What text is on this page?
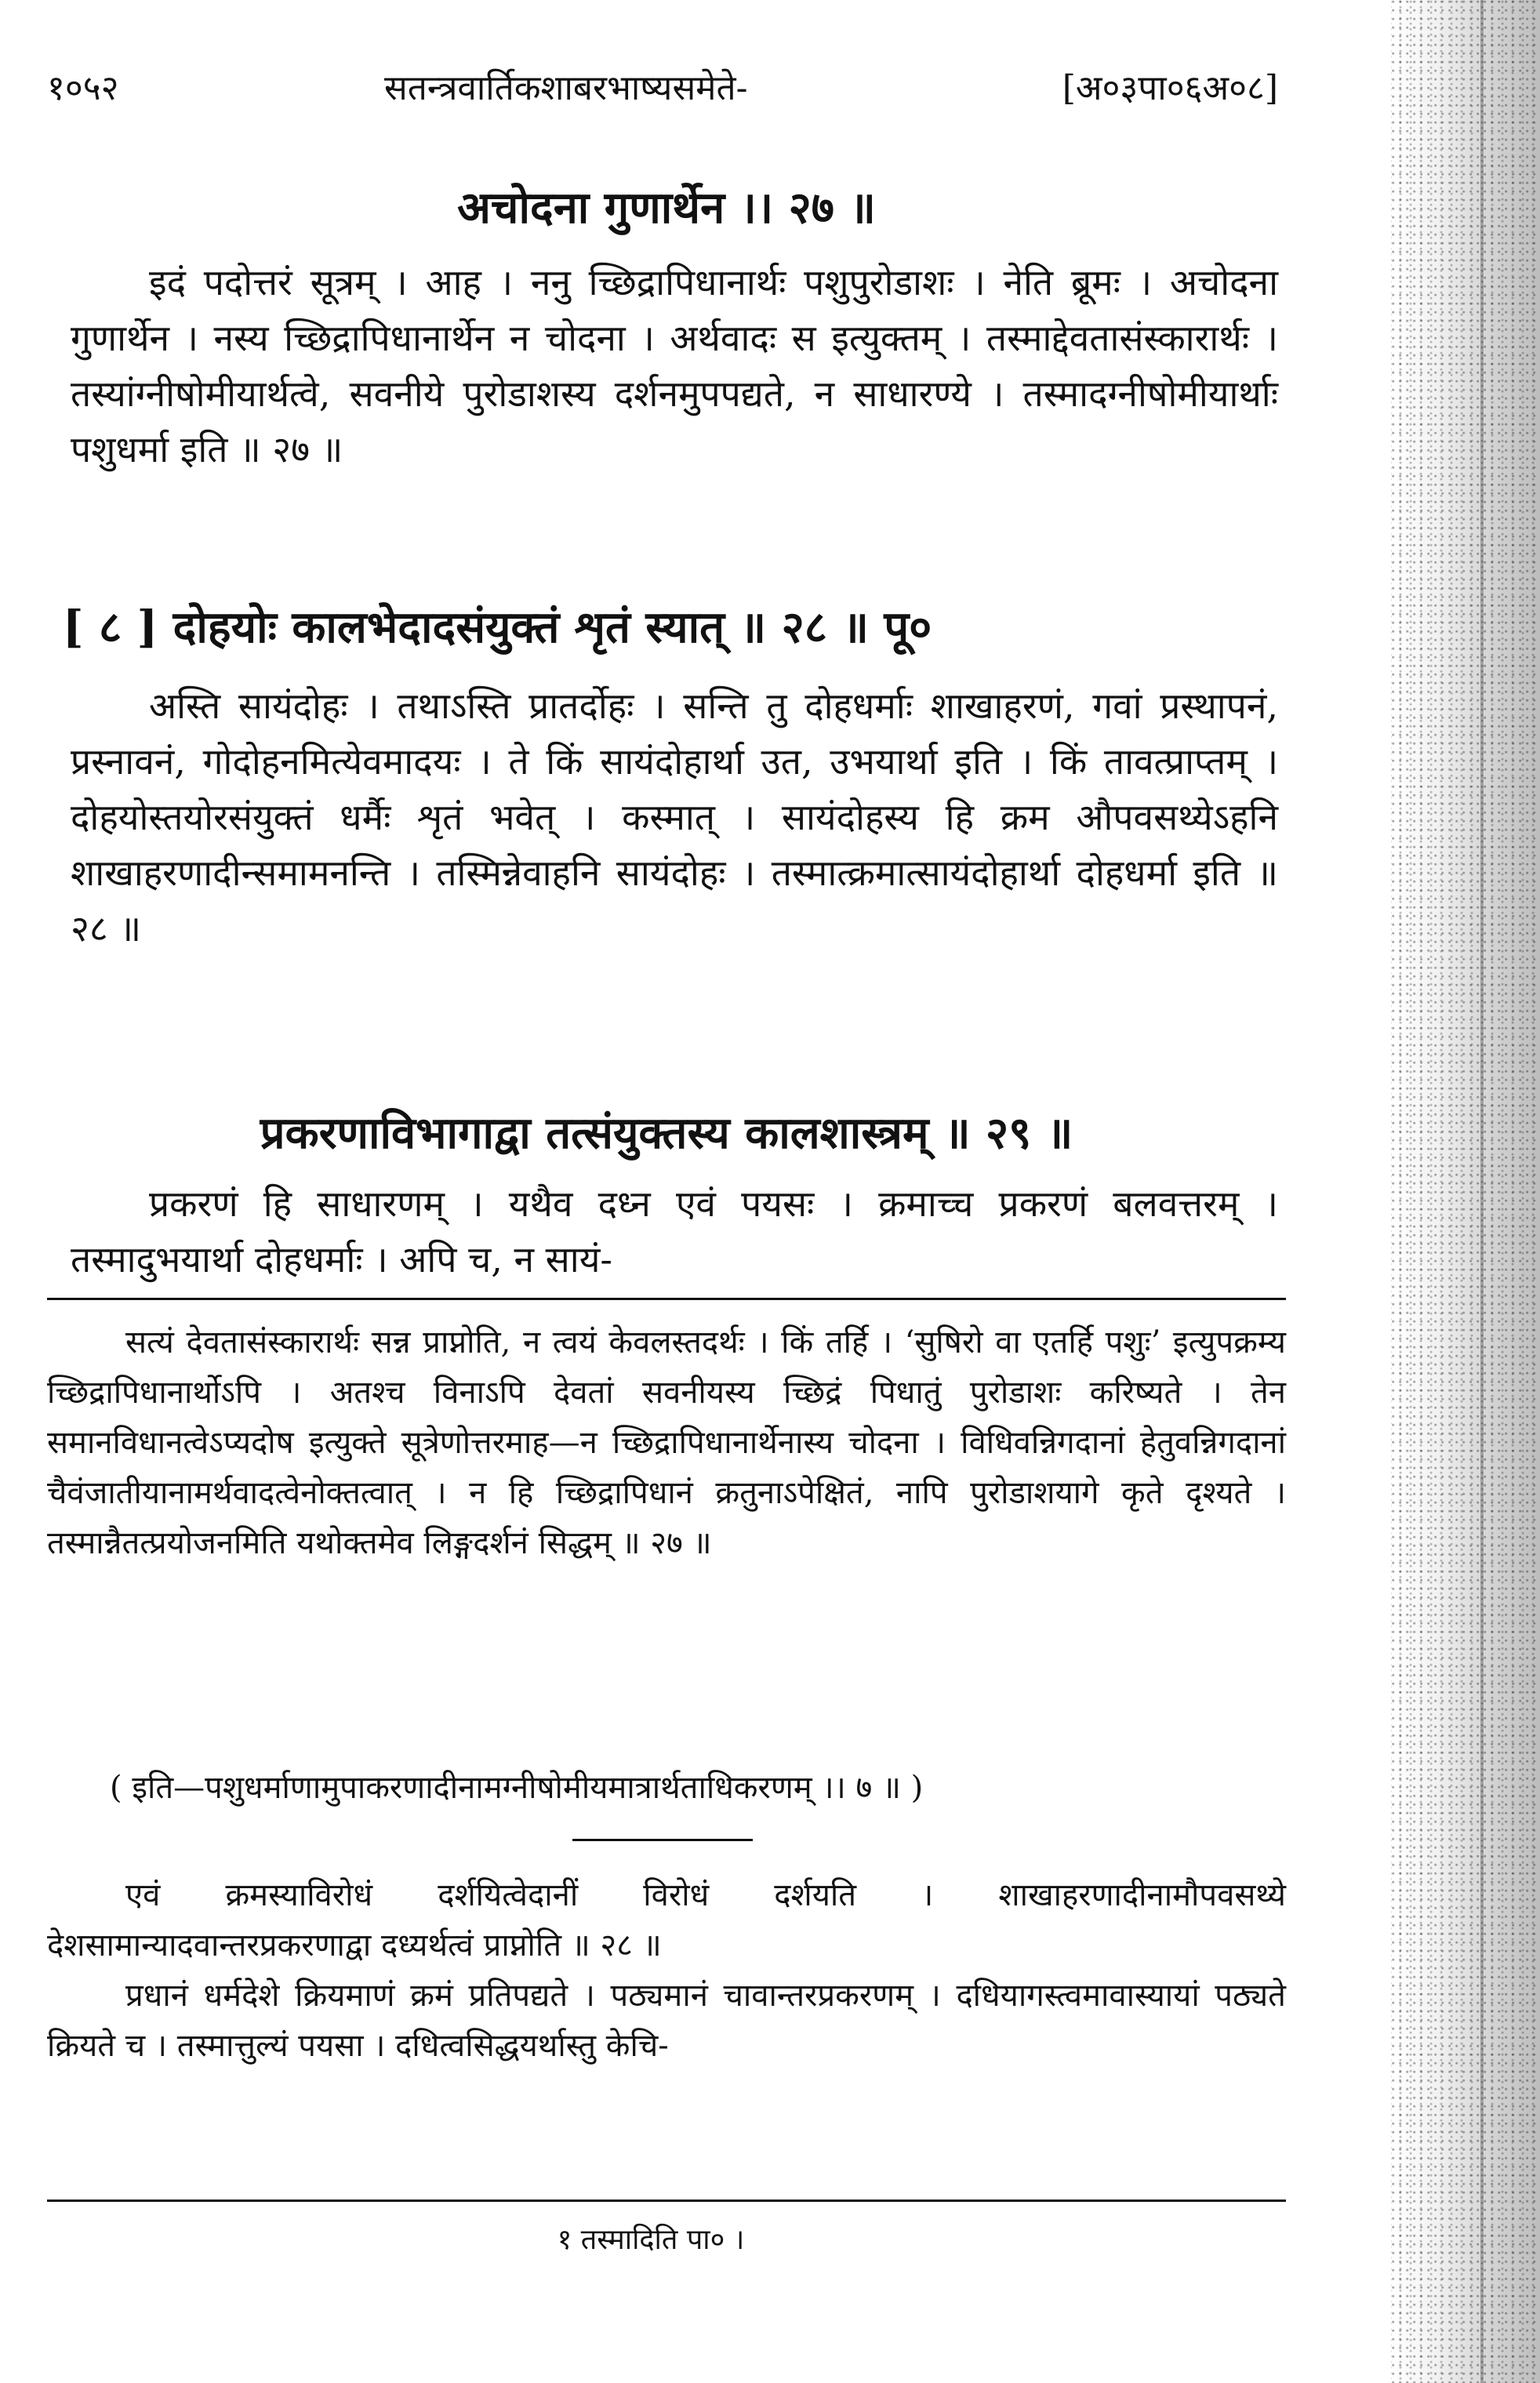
१०५२	सतन्त्रवार्तिकशाबरभाष्यसमेते-	[अ०३पा०६अ०८]
अचोदना गुणार्थेन ।। २७ ॥

इदं पदोत्तरं सूत्रम् । आह । ननु च्छिद्रापिधानार्थः पशुपुरोडाशः । नेति ब्रूमः । अचोदना गुणार्थेन । नस्य च्छिद्रापिधानार्थेन न चोदना । अर्थवादः स इत्युक्तम् । तस्माद्देवतासंस्कारार्थः । तस्यांग्नीषोमीयार्थत्वे, सवनीये पुरोडाशस्य दर्शनमुपपद्यते, न साधारण्ये । तस्मादग्नीषोमीयार्थाः पशुधर्मा इति ॥ २७ ॥

[ ८ ] दोहयोः कालभेदादसंयुक्तं शृतं स्यात् ॥ २८ ॥ पू०

अस्ति सायंदोहः । तथाऽस्ति प्रातर्दोहः । सन्ति तु दोहधर्माः शाखाहरणं, गवां प्रस्थापनं, प्रस्नावनं, गोदोहनमित्येवमादयः । ते किं सायंदोहार्था उत, उभयार्था इति । किं तावत्प्राप्तम् । दोहयोस्तयोरसंयुक्तं धर्मैः शृतं भवेत् । कस्मात् । सायंदोहस्य हि क्रम औपवसथ्येऽहनि शाखाहरणादीन्समामनन्ति । तस्मिन्नेवाहनि सायंदोहः । तस्मात्क्रमात्सायंदोहार्था दोहधर्मा इति ॥ २८ ॥

प्रकरणाविभागाद्वा तत्संयुक्तस्य कालशास्त्रम् ॥ २९ ॥

प्रकरणं हि साधारणम् । यथैव दध्न एवं पयसः । क्रमाच्च प्रकरणं बलवत्तरम् । तस्मादुभयार्था दोहधर्माः । अपि च, न सायं-

सत्यं देवतासंस्कारार्थः सन्न प्राप्नोति, न त्वयं केवलस्तदर्थः । किं तर्हि । ‘सुषिरो वा एतर्हि पशुः’ इत्युपक्रम्य च्छिद्रापिधानार्थोऽपि । अतश्च विनाऽपि देवतां सवनीयस्य च्छिद्रं पिधातुं पुरोडाशः करिष्यते । तेन समानविधानत्वेऽप्यदोष इत्युक्ते सूत्रेणोत्तरमाह—न च्छिद्रापिधानार्थेनास्य चोदना । विधिवन्निगदानां हेतुवन्निगदानां चैवंजातीयानामर्थवादत्वेनोक्तत्वात् । न हि च्छिद्रापिधानं क्रतुनाऽपेक्षितं, नापि पुरोडाशयागे कृते दृश्यते । तस्मान्नैतत्प्रयोजनमिति यथोक्तमेव लिङ्गदर्शनं सिद्धम् ॥ २७ ॥

( इति—पशुधर्माणामुपाकरणादीनामग्नीषोमीयमात्रार्थताधिकरणम् ।। ७ ॥ )

एवं क्रमस्याविरोधं दर्शयित्वेदानीं विरोधं दर्शयति । शाखाहरणादीनामौपवसथ्ये देशसामान्यादवान्तरप्रकरणाद्वा दध्यर्थत्वं प्राप्नोति ॥ २८ ॥

प्रधानं धर्मदेशे क्रियमाणं क्रमं प्रतिपद्यते । पठ्यमानं चावान्तरप्रकरणम् । दधियागस्त्वमावास्यायां पठ्यते क्रियते च । तस्मात्तुल्यं पयसा । दधित्वसिद्धयर्थास्तु केचि-

१ तस्मादिति पा० ।
